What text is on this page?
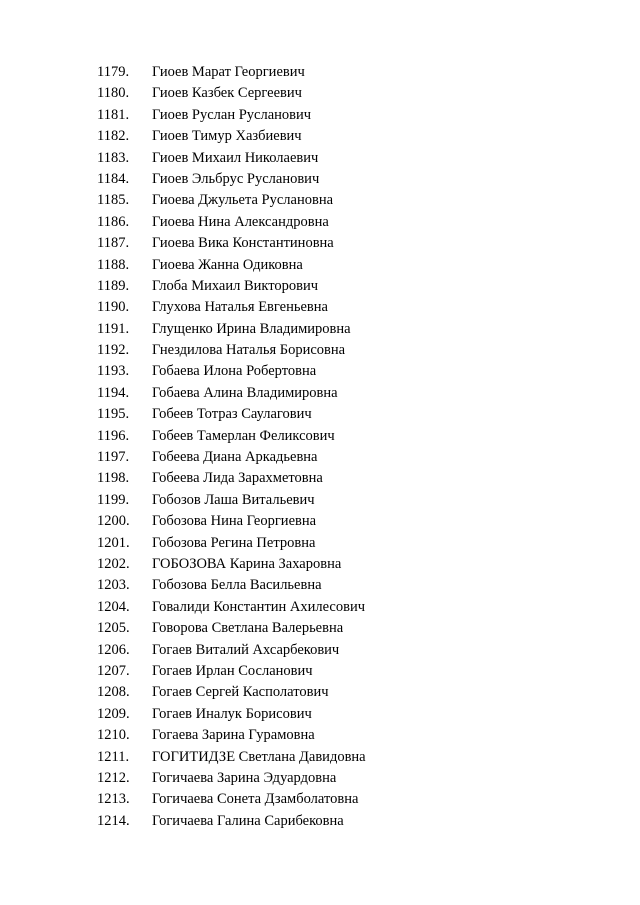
1179.	Гиоев Марат Георгиевич
1180.	Гиоев Казбек Сергеевич
1181.	Гиоев Руслан Русланович
1182.	Гиоев Тимур Хазбиевич
1183.	Гиоев Михаил Николаевич
1184.	Гиоев Эльбрус Русланович
1185.	Гиоева Джульета Руслановна
1186.	Гиоева Нина Александровна
1187.	Гиоева Вика Константиновна
1188.	Гиоева Жанна Одиковна
1189.	Глоба Михаил Викторович
1190.	Глухова Наталья Евгеньевна
1191.	Глущенко Ирина Владимировна
1192.	Гнездилова Наталья Борисовна
1193.	Гобаева Илона Робертовна
1194.	Гобаева Алина Владимировна
1195.	Гобеев Тотраз Саулагович
1196.	Гобеев Тамерлан Феликсович
1197.	Гобеева Диана Аркадьевна
1198.	Гобеева Лида Зарахметовна
1199.	Гобозов Лаша Витальевич
1200.	Гобозова Нина Георгиевна
1201.	Гобозова Регина Петровна
1202.	ГОБОЗОВА Карина Захаровна
1203.	Гобозова Белла Васильевна
1204.	Говалиди Константин Ахилесович
1205.	Говорова Светлана Валерьевна
1206.	Гогаев Виталий Ахсарбекович
1207.	Гогаев Ирлан Сосланович
1208.	Гогаев Сергей Касполатович
1209.	Гогаев Иналук Борисович
1210.	Гогаева Зарина Гурамовна
1211.	ГОГИТИДЗЕ Светлана Давидовна
1212.	Гогичаева Зарина Эдуардовна
1213.	Гогичаева Сонета Дзамболатовна
1214.	Гогичаева Галина Сарибековна
